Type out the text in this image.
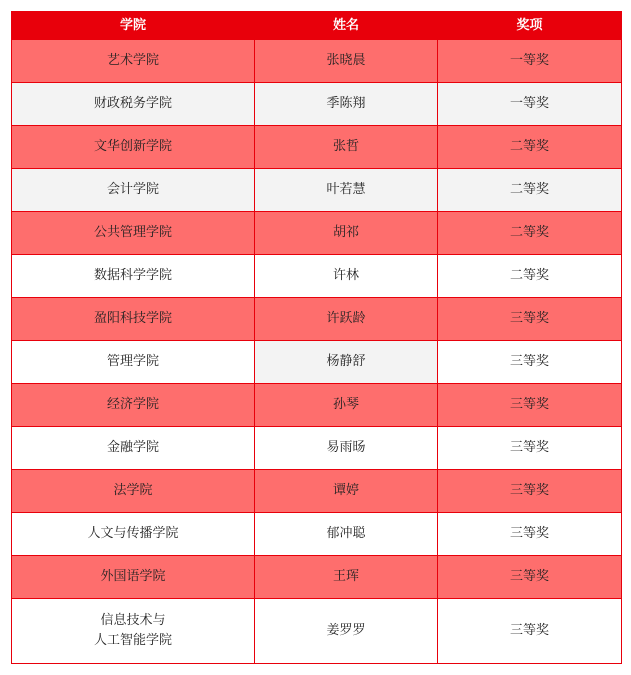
学院	姓名	奖项

艺术学院	张晓晨	一等奖

财政税务学院	季陈翔	一等奖

文华创新学院	张哲	二等奖

会计学院	叶若慧	二等奖

公共管理学院	胡祁	二等奖

数据科学学院	许林	二等奖

盈阳科技学院	许跃龄	三等奖

管理学院	杨静舒	三等奖

经济学院	孙琴	三等奖

金融学院	易雨旸	三等奖

法学院	谭婷	三等奖

人文与传播学院	郁冲聪	三等奖

外国语学院	王珲	三等奖

信息技术与
人工智能学院	姜罗罗	三等奖
